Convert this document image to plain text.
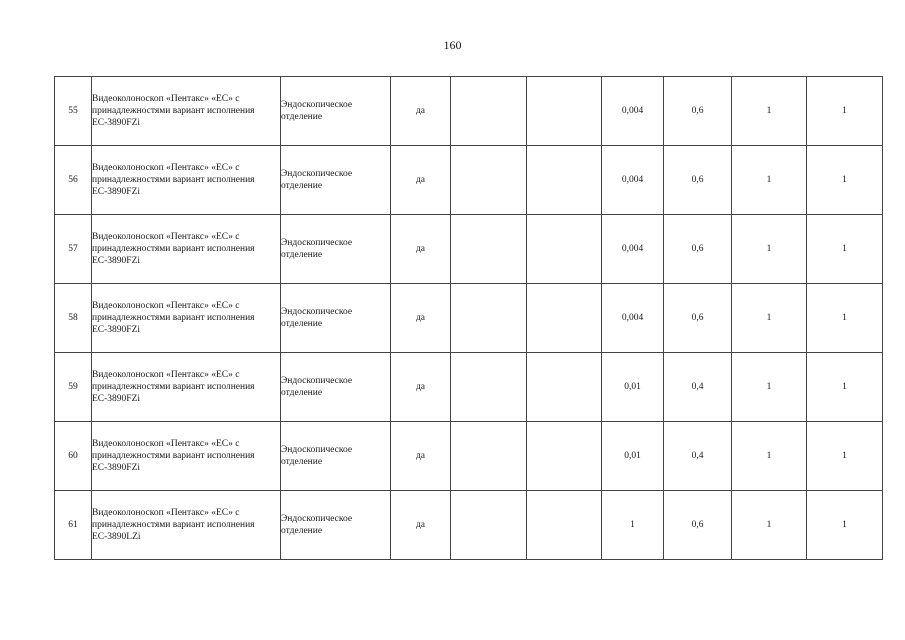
160
55	Видеоколоноскоп «Пентакс» «ЕС» с принадлежностями вариант исполнения ЕС-3890FZi	Эндоскопическое отделение	да			0,004	0,6	1	1
56	Видеоколоноскоп «Пентакс» «ЕС» с принадлежностями вариант исполнения ЕС-3890FZi	Эндоскопическое отделение	да			0,004	0,6	1	1
57	Видеоколоноскоп «Пентакс» «ЕС» с принадлежностями вариант исполнения ЕС-3890FZi	Эндоскопическое отделение	да			0,004	0,6	1	1
58	Видеоколоноскоп «Пентакс» «ЕС» с принадлежностями вариант исполнения ЕС-3890FZi	Эндоскопическое отделение	да			0,004	0,6	1	1
59	Видеоколоноскоп «Пентакс» «ЕС» с принадлежностями вариант исполнения ЕС-3890FZi	Эндоскопическое отделение	да			0,01	0,4	1	1
60	Видеоколоноскоп «Пентакс» «ЕС» с принадлежностями вариант исполнения ЕС-3890FZi	Эндоскопическое отделение	да			0,01	0,4	1	1
61	Видеоколоноскоп «Пентакс» «ЕС» с принадлежностями вариант исполнения ЕС-3890LZi	Эндоскопическое отделение	да			1	0,6	1	1
